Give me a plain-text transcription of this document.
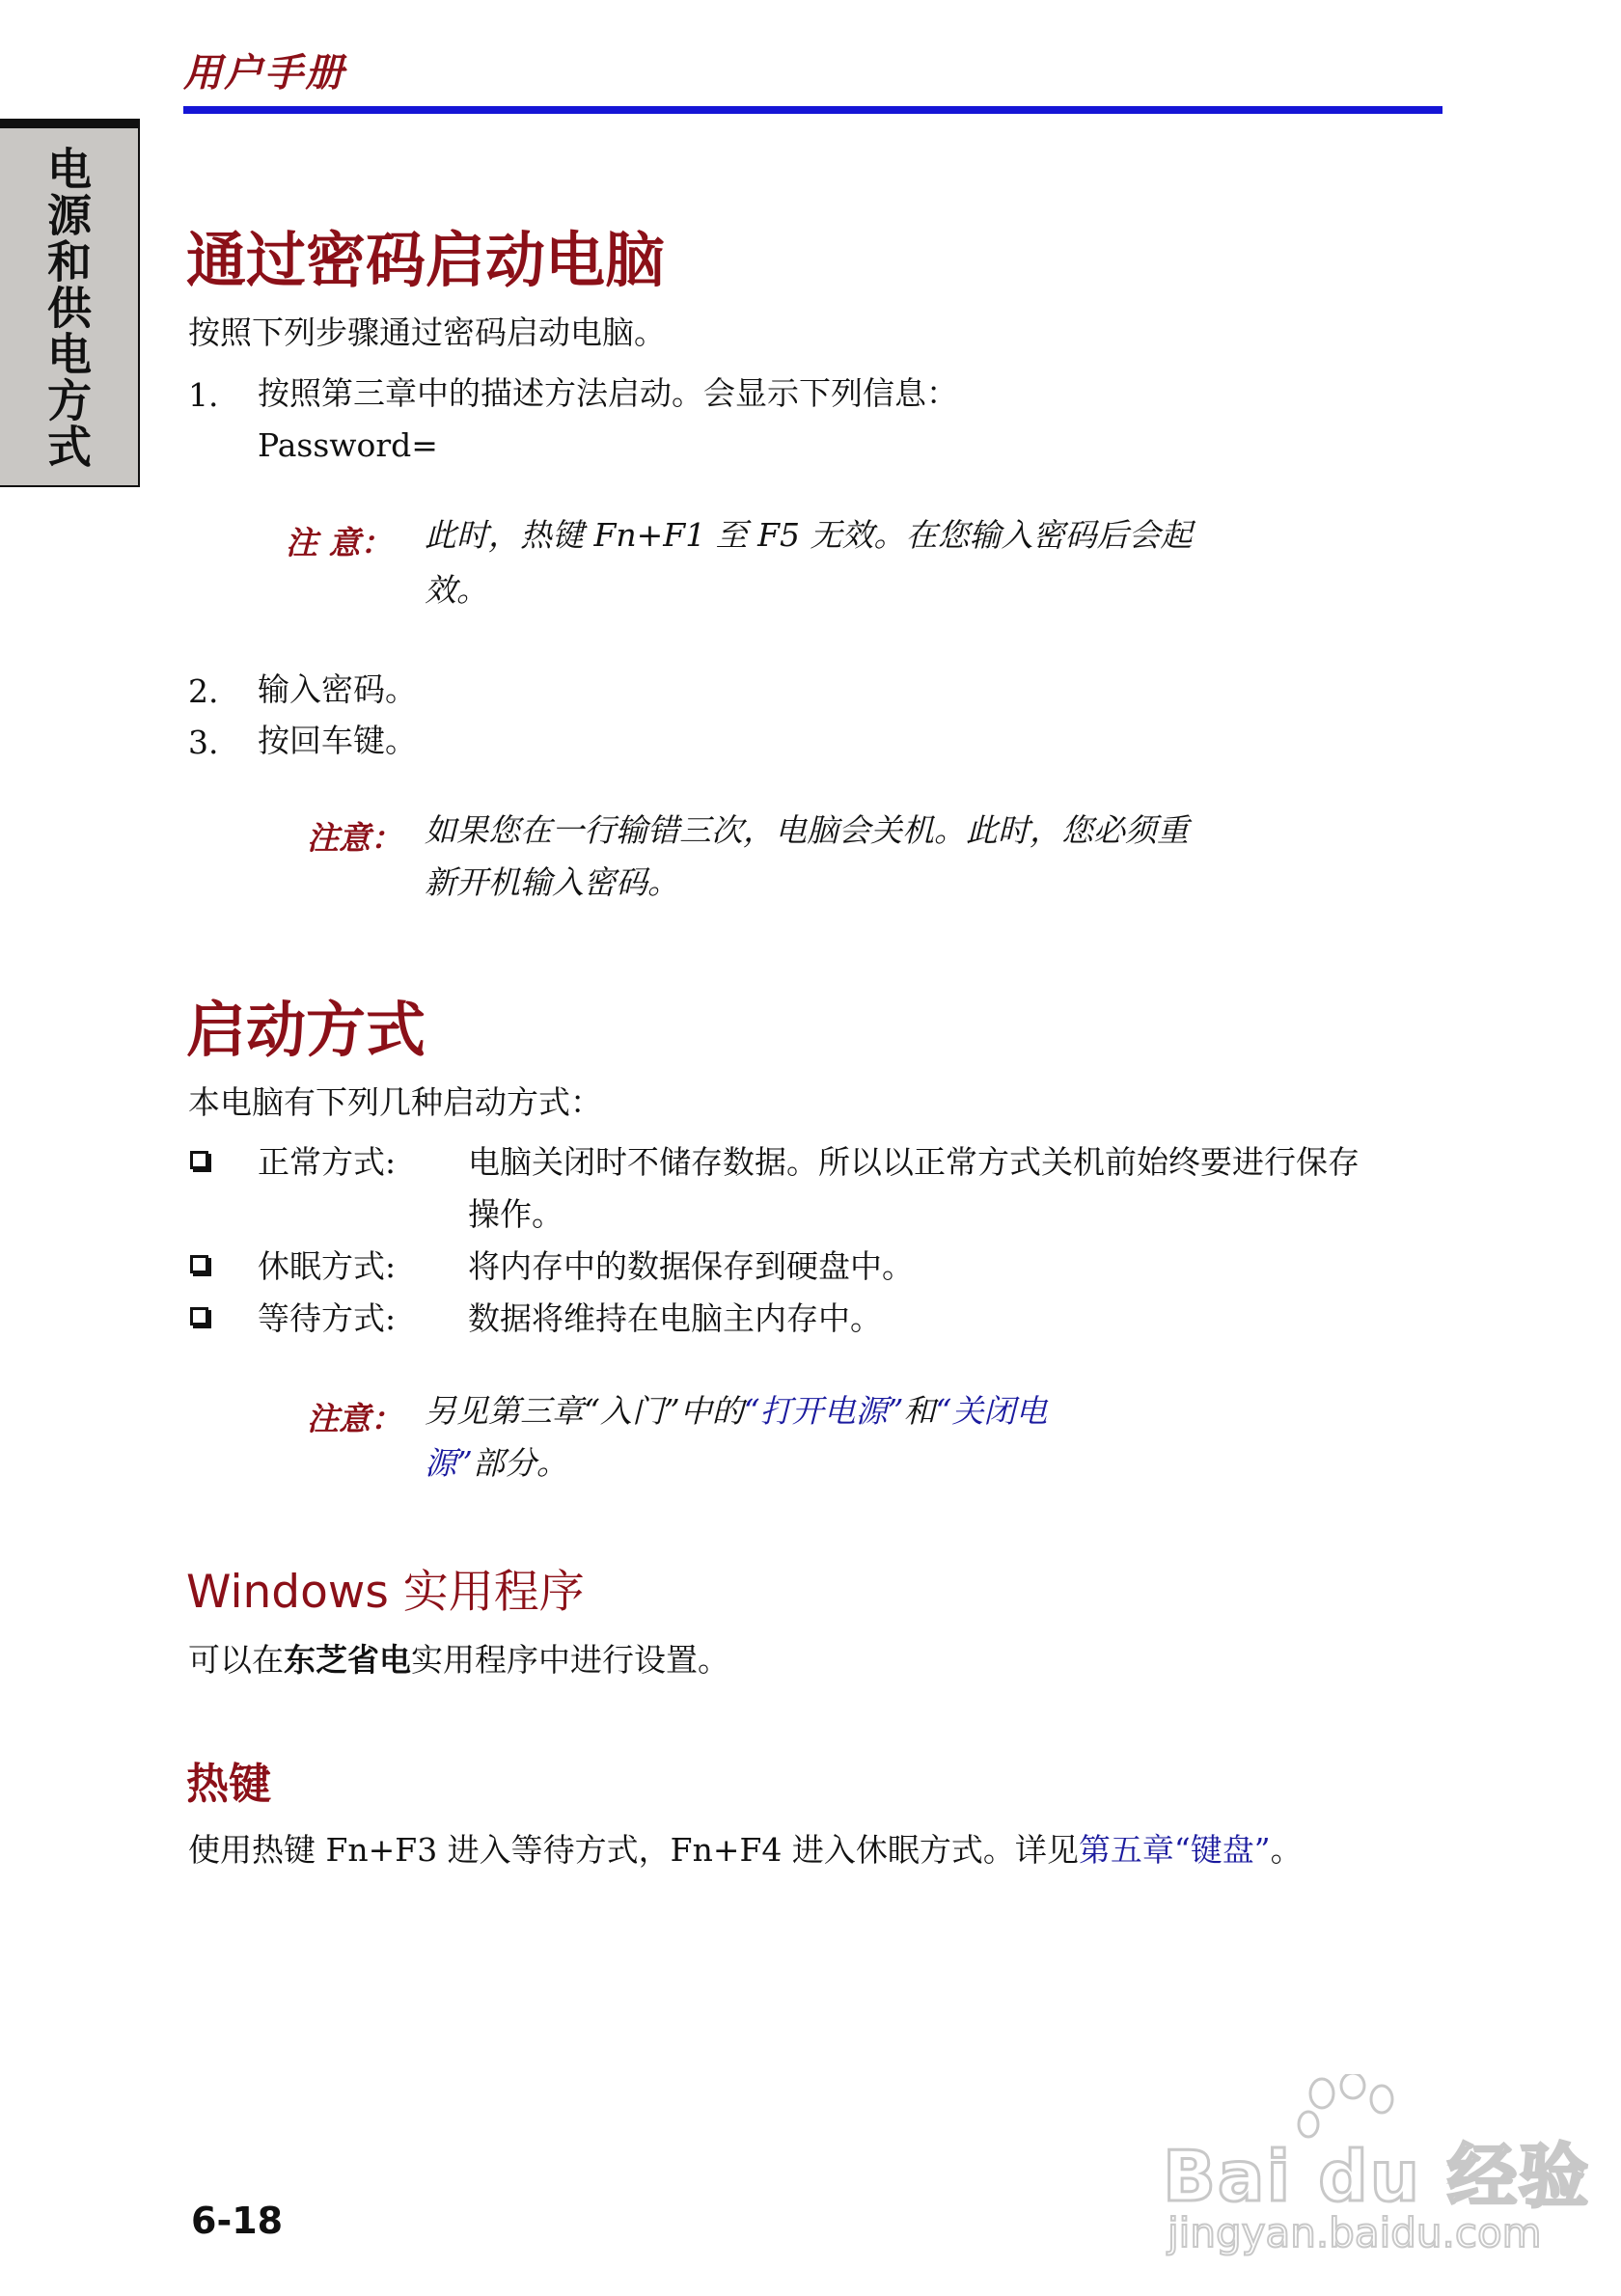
用户手册
电源和供电方式	通过密码启动电脑
按照下列步骤通过密码启动电脑。
1. 按照第三章中的描述方法启动。会显示下列信息：
Password=
注 意： 此时，热键 Fn+F1 至 F5 无效。在您输入密码后会起
效。
2. 输入密码。
3. 按回车键。
注意： 如果您在一行输错三次，电脑会关机。此时，您必须重
新开机输入密码。
启动方式
本电脑有下列几种启动方式：
正常方式: 电脑关闭时不储存数据。所以以正常方式关机前始终要进行保存
操作。
休眠方式: 将内存中的数据保存到硬盘中。
等待方式: 数据将维持在电脑主内存中。
注意： 另见第三章“入门”中的“打开电源”和“关闭电
源”部分。
Windows 实用程序
可以在东芝省电实用程序中进行设置。
热键
使用热键 Fn+F3 进入等待方式，Fn+F4 进入休眠方式。详见第五章“键盘”。
6-18
Bai du 经验
jingyan.baidu.com
